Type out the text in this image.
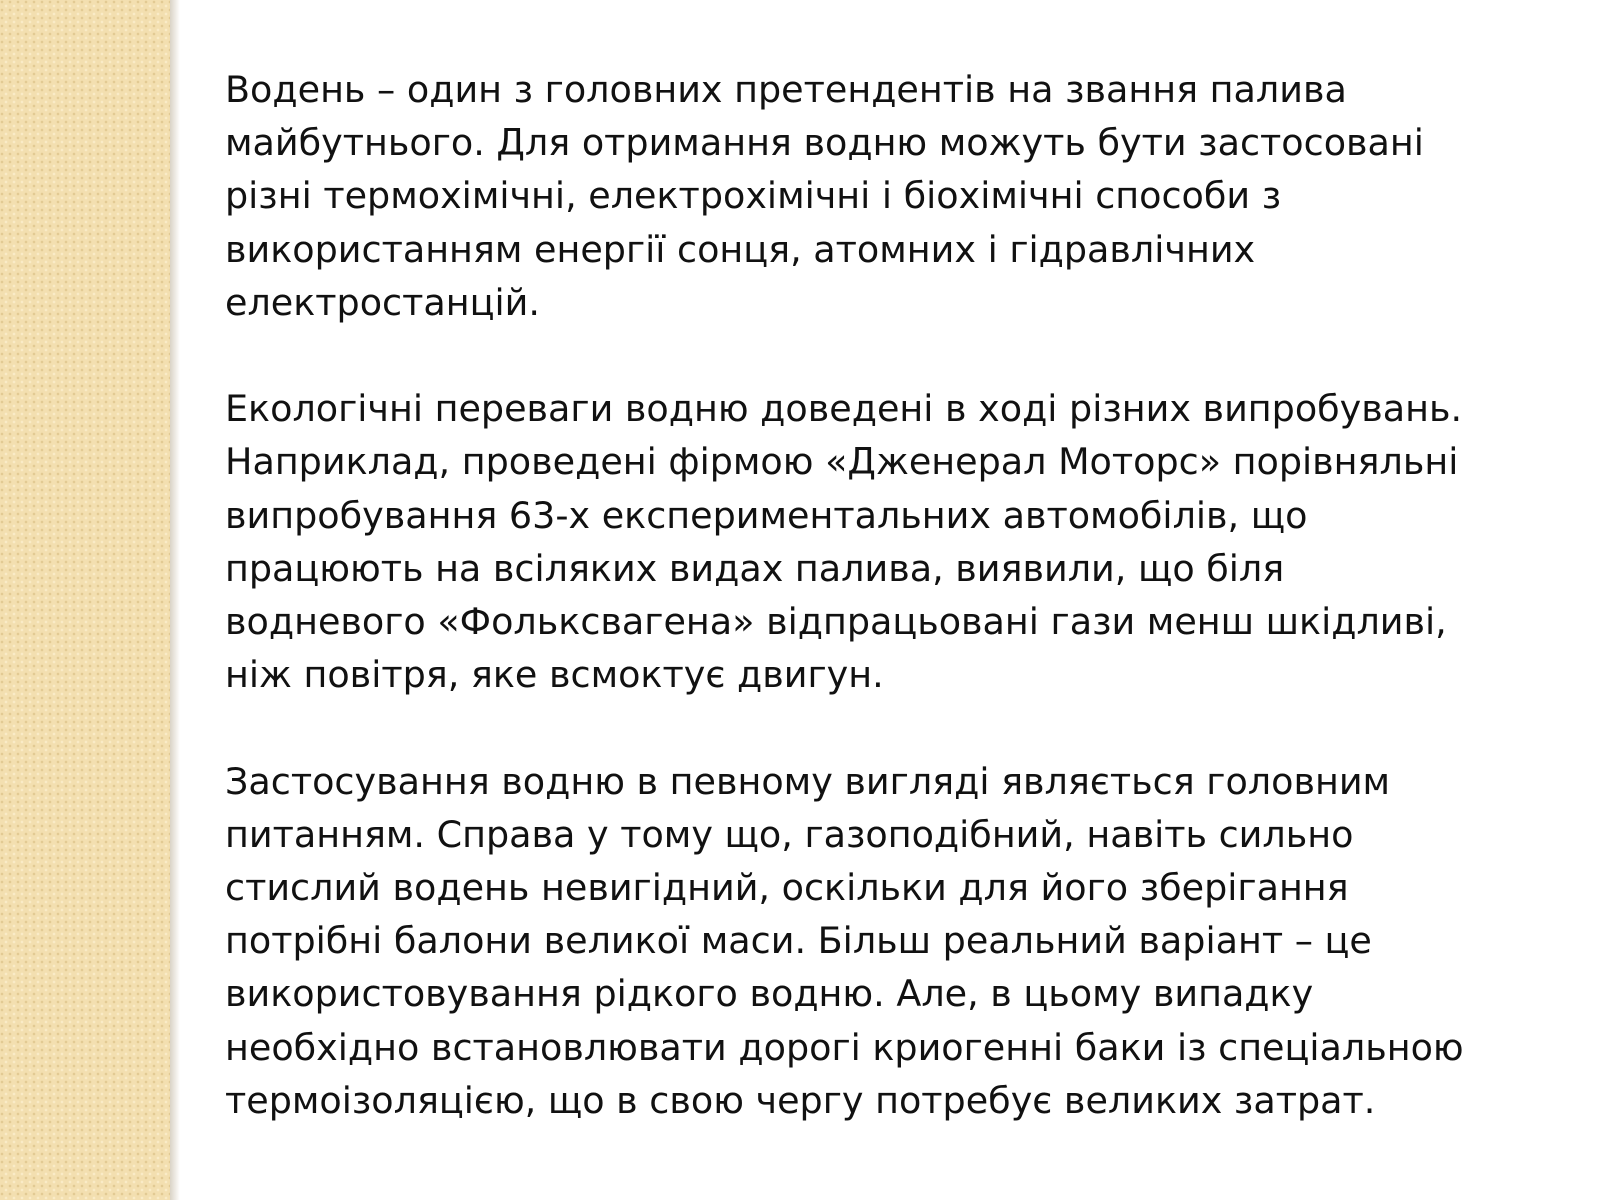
Водень – один з головних претендентів на звання палива
майбутнього. Для отримання водню можуть бути застосовані
різні термохімічні, електрохімічні і біохімічні способи з
використанням енергії сонця, атомних і гідравлічних
електростанцій.

Екологічні переваги водню доведені в ході різних випробувань.
Наприклад, проведені фірмою «Дженерал Моторс» порівняльні
випробування 63-х експериментальних автомобілів, що
працюють на всіляких видах палива, виявили, що біля
водневого «Фольксвагена» відпрацьовані гази менш шкідливі,
ніж повітря, яке всмоктує двигун.

Застосування водню в певному вигляді являється головним
питанням. Справа у тому що, газоподібний, навіть сильно
стислий водень невигідний, оскільки для його зберігання
потрібні балони великої маси. Більш реальний варіант – це
використовування рідкого водню. Але, в цьому випадку
необхідно встановлювати дорогі криогенні баки із спеціальною
термоізоляцією, що в свою чергу потребує великих затрат.
